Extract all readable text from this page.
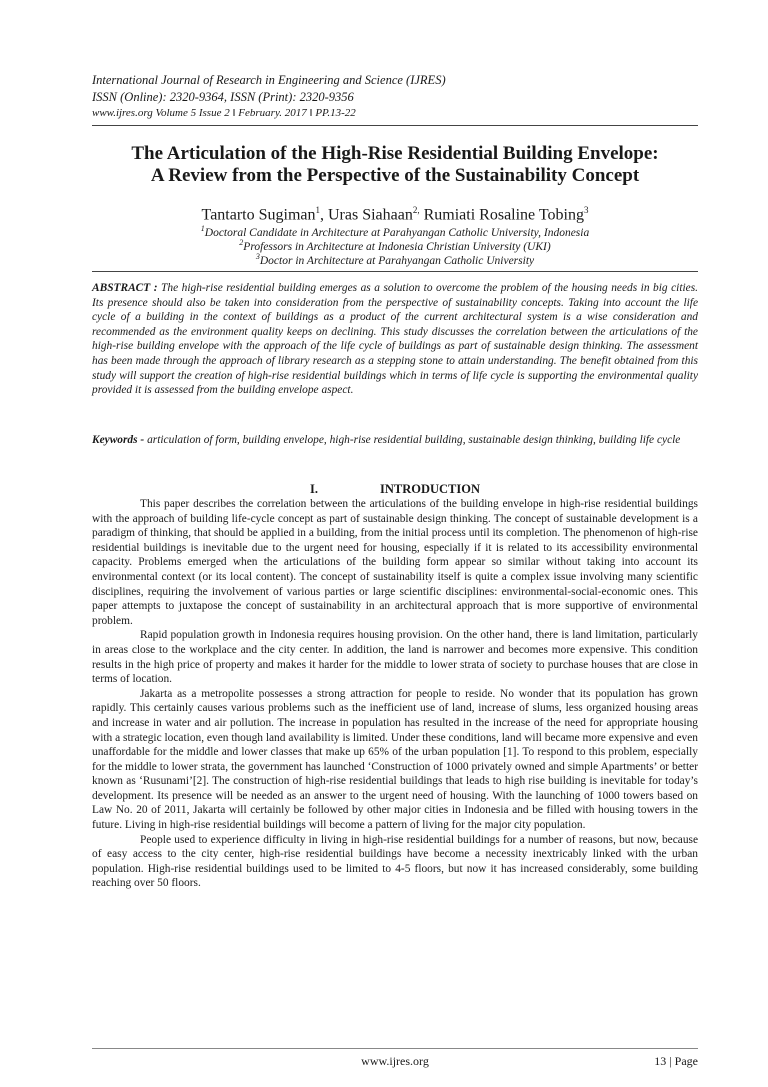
International Journal of Research in Engineering and Science (IJRES)
ISSN (Online): 2320-9364, ISSN (Print): 2320-9356
www.ijres.org Volume 5 Issue 2 ǁ February. 2017 ǁ PP.13-22
The Articulation of the High-Rise Residential Building Envelope:
A Review from the Perspective of the Sustainability Concept
Tantarto Sugiman$^1$, Uras Siahaan$^{2,}$ Rumiati Rosaline Tobing$^3$
$^1$Doctoral Candidate in Architecture at Parahyangan Catholic University, Indonesia
$^2$Professors in Architecture at Indonesia Christian University (UKI)
$^3$Doctor in Architecture at Parahyangan Catholic University
ABSTRACT : The high-rise residential building emerges as a solution to overcome the problem of the housing needs in big cities. Its presence should also be taken into consideration from the perspective of sustainability concepts. Taking into account the life cycle of a building in the context of buildings as a product of the current architectural system is a wise consideration and recommended as the environment quality keeps on declining. This study discusses the correlation between the articulations of the high-rise building envelope with the approach of the life cycle of buildings as part of sustainable design thinking. The assessment has been made through the approach of library research as a stepping stone to attain understanding. The benefit obtained from this study will support the creation of high-rise residential buildings which in terms of life cycle is supporting the environmental quality provided it is assessed from the building envelope aspect.
Keywords - articulation of form, building envelope, high-rise residential building, sustainable design thinking, building life cycle
I.	INTRODUCTION

This paper describes the correlation between the articulations of the building envelope in high-rise residential buildings with the approach of building life-cycle concept as part of sustainable design thinking. The concept of sustainable development is a paradigm of thinking, that should be applied in a building, from the initial process until its completion. The phenomenon of high-rise residential buildings is inevitable due to the urgent need for housing, especially if it is related to its accessibility environmental capacity. Problems emerged when the articulations of the building form appear so similar without taking into account its environmental context (or its local content). The concept of sustainability itself is quite a complex issue involving many scientific disciplines, requiring the involvement of various parties or large scientific disciplines: environmental-social-economic ones. This paper attempts to juxtapose the concept of sustainability in an architectural approach that is more supportive of environmental problem.

Rapid population growth in Indonesia requires housing provision. On the other hand, there is land limitation, particularly in areas close to the workplace and the city center. In addition, the land is narrower and becomes more expensive. This condition results in the high price of property and makes it harder for the middle to lower strata of society to purchase houses that are close in terms of location.

Jakarta as a metropolite possesses a strong attraction for people to reside. No wonder that its population has grown rapidly. This certainly causes various problems such as the inefficient use of land, increase of slums, less organized housing areas and increase in water and air pollution. The increase in population has resulted in the increase of the need for appropriate housing with a strategic location, even though land availability is limited. Under these conditions, land will became more expensive and even unaffordable for the middle and lower classes that make up 65% of the urban population [1]. To respond to this problem, especially for the middle to lower strata, the government has launched ‘Construction of 1000 privately owned and simple Apartments’ or better known as ‘Rusunami’[2]. The construction of high-rise residential buildings that leads to high rise building is inevitable for today’s development. Its presence will be needed as an answer to the urgent need of housing. With the launching of 1000 towers based on Law No. 20 of 2011, Jakarta will certainly be followed by other major cities in Indonesia and be filled with housing towers in the future. Living in high-rise residential buildings will become a pattern of living for the major city population.

People used to experience difficulty in living in high-rise residential buildings for a number of reasons, but now, because of easy access to the city center, high-rise residential buildings have become a necessity inextricably linked with the urban population. High-rise residential buildings used to be limited to 4-5 floors, but now it has increased considerably, some building reaching over 50 floors.

www.ijres.org	13 | Page
